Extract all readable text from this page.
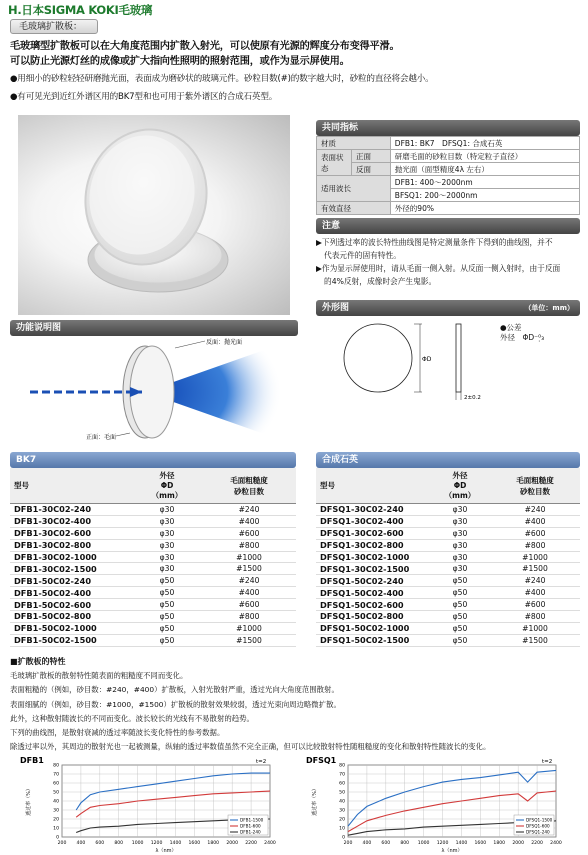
H.日本SIGMA KOKI毛玻璃
毛玻璃扩散板：
毛玻璃型扩散板可以在大角度范围内扩散入射光，可以使原有光源的辉度分布变得平滑。
可以防止光源灯丝的成像或扩大指向性照明的照射范围，或作为显示屏使用。
●用细小的砂粒轻轻研磨抛光面，表面成为磨砂状的玻璃元件。砂粒目数(#)的数字越大时，砂粒的直径将会越小。
●有可见光到近红外谱区用的BK7型和也可用于紫外谱区的合成石英型。
功能说明图
反面：抛光面
正面：毛面
共同指标
材质		DFB1: BK7　DFSQ1: 合成石英
表面状态	正面	研磨毛面的砂粒目数（特定粒子直径）
	反面	抛光面（面型精度4λ 左右）
适用波长		DFB1: 400～2000nm
		BFSQ1: 200～2000nm
有效直径		外径的90%
注意
▶下列透过率的波长特性曲线图是特定测量条件下得到的曲线图，并不
代表元件的固有特性。
▶作为显示屏使用时，请从毛面一侧入射。从反面一侧入射时，由于反面
的4%反射，成像时会产生鬼影。
外形图	（单位：mm）
ΦD
2±0.2
●公差
外径　ΦD⁻⁰̣₃
BK7
型号	外径
ΦD
（mm）	毛面粗糙度
砂粒目数
DFB1-30C02-240	φ30	#240
DFB1-30C02-400	φ30	#400
DFB1-30C02-600	φ30	#600
DFB1-30C02-800	φ30	#800
DFB1-30C02-1000	φ30	#1000
DFB1-30C02-1500	φ30	#1500
DFB1-50C02-240	φ50	#240
DFB1-50C02-400	φ50	#400
DFB1-50C02-600	φ50	#600
DFB1-50C02-800	φ50	#800
DFB1-50C02-1000	φ50	#1000
DFB1-50C02-1500	φ50	#1500
合成石英
型号	外径
ΦD
（mm）	毛面粗糙度
砂粒目数
DFSQ1-30C02-240	φ30	#240
DFSQ1-30C02-400	φ30	#400
DFSQ1-30C02-600	φ30	#600
DFSQ1-30C02-800	φ30	#800
DFSQ1-30C02-1000	φ30	#1000
DFSQ1-30C02-1500	φ30	#1500
DFSQ1-50C02-240	φ50	#240
DFSQ1-50C02-400	φ50	#400
DFSQ1-50C02-600	φ50	#600
DFSQ1-50C02-800	φ50	#800
DFSQ1-50C02-1000	φ50	#1000
DFSQ1-50C02-1500	φ50	#1500
■扩散板的特性
毛玻璃扩散板的散射特性随表面的粗糙度不同而变化。
表面粗糙的（例如，砂目数：#240，#400）扩散板，入射光散射严重，透过光向大角度范围散射。
表面细腻的（例如，砂目数：#1000，#1500）扩散板的散射效果较弱，透过光束向周边略微扩散。
此外，这种散射随波长的不同而变化。波长较长的光线有不易散射的趋势。
下列的曲线图，是散射衰减的透过率随波长变化特性的参考数据。
除透过率以外，其周边的散射光也一起被测量，纵轴的透过率数值虽然不完全正确，但可以比较散射特性随粗糙度的变化和散射特性随波长的变化。
DFB1	t=2
200 400 600 800 1000 1200 1400 1600 1800 2000 2200 2400
0
10
20
30
40
50
60
70
80
λ（nm）
透过率（%）
DFB1-1500
DFB1-600
DFB1-240
DFSQ1	t=2
200 400 600 800 1000 1200 1400 1600 1800 2000 2200 2400
0
10
20
30
40
50
60
70
80
λ（nm）
透过率（%）
DFSQ1-1500
DFSQ1-600
DFSQ1-240
